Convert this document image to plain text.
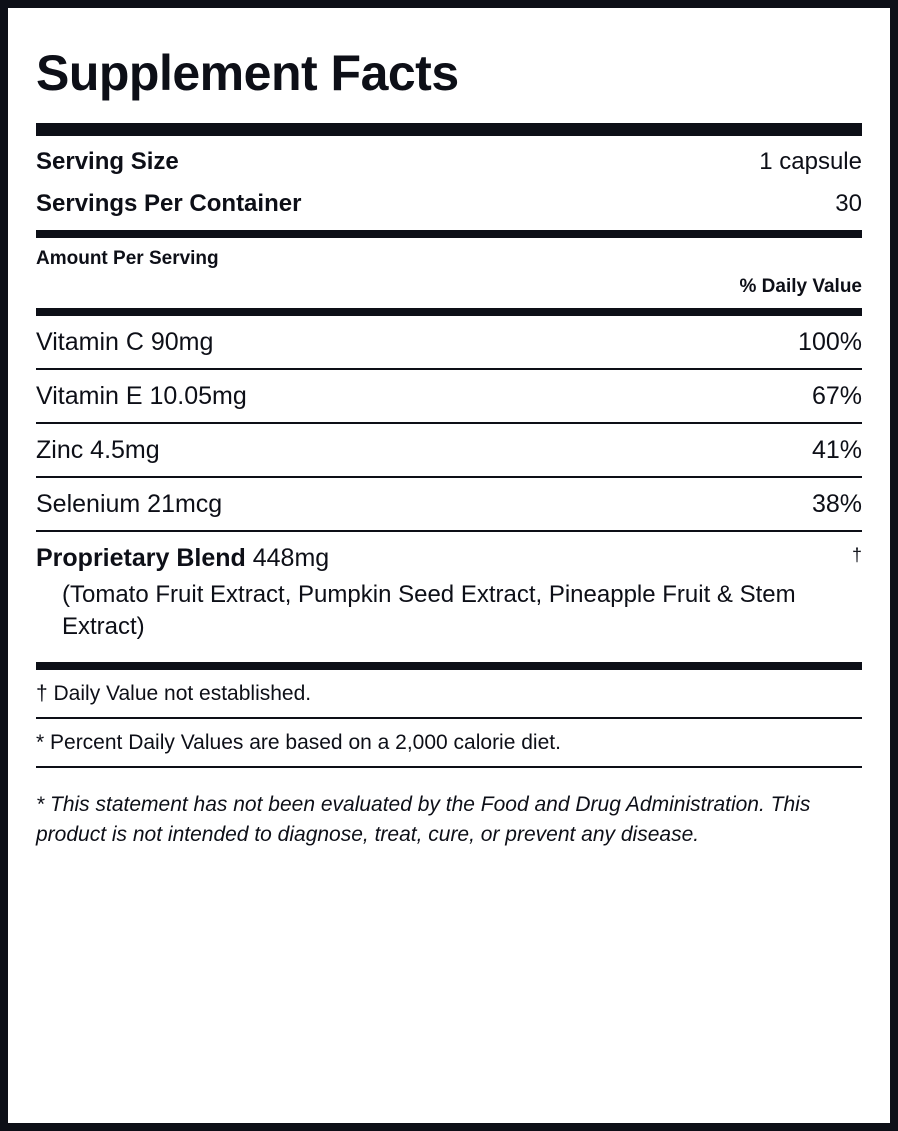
Supplement Facts
Serving Size	1 capsule
Servings Per Container	30
Amount Per Serving
% Daily Value
Vitamin C 90mg	100%
Vitamin E 10.05mg	67%
Zinc 4.5mg	41%
Selenium 21mcg	38%
Proprietary Blend 448mg	†
(Tomato Fruit Extract, Pumpkin Seed Extract, Pineapple Fruit & Stem Extract)
† Daily Value not established.
* Percent Daily Values are based on a 2,000 calorie diet.
* This statement has not been evaluated by the Food and Drug Administration. This product is not intended to diagnose, treat, cure, or prevent any disease.
